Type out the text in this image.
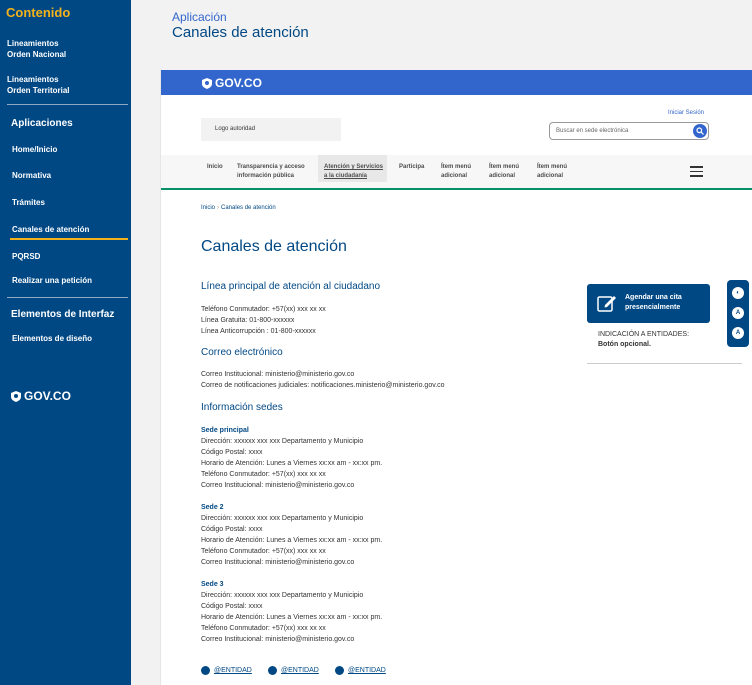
Contenido
Lineamientos
Orden Nacional
Lineamientos
Orden Territorial
Aplicaciones
Home/Inicio
Normativa
Trámites
Canales de atención
PQRSD
Realizar una petición
Elementos de Interfaz
Elementos de diseño
GOV.CO
Aplicación
Canales de atención
GOV.CO
Iniciar Sesión
Logo autoridad	Buscar en sede electrónica
Inicio Transparencia y acceso
información pública
Atención y Servicios
a la ciudadanía
Participa	Ítem menú
adicional
Ítem menú
adicional
Ítem menú
adicional
Inicio › Canales de atención
Canales de atención
Línea principal de atención al ciudadano
Teléfono Conmutador: +57(xx) xxx xx xx
Línea Gratuita: 01-800-xxxxxx
Línea Anticorrupción : 01-800-xxxxxx
Correo electrónico
Correo Institucional: ministerio@ministerio.gov.co
Correo de notificaciones judiciales: notificaciones.ministerio@ministerio.gov.co
Información sedes
Sede principal
Dirección: xxxxxx xxx xxx Departamento y Municipio
Código Postal: xxxx
Horario de Atención: Lunes a Viernes xx:xx am - xx:xx pm.
Teléfono Conmutador: +57(xx) xxx xx xx
Correo Institucional: ministerio@ministerio.gov.co
Sede 2
Dirección: xxxxxx xxx xxx Departamento y Municipio
Código Postal: xxxx
Horario de Atención: Lunes a Viernes xx:xx am - xx:xx pm.
Teléfono Conmutador: +57(xx) xxx xx xx
Correo Institucional: ministerio@ministerio.gov.co
Sede 3
Dirección: xxxxxx xxx xxx Departamento y Municipio
Código Postal: xxxx
Horario de Atención: Lunes a Viernes xx:xx am - xx:xx pm.
Teléfono Conmutador: +57(xx) xxx xx xx
Correo Institucional: ministerio@ministerio.gov.co
Agendar una cita
presencialmente
INDICACIÓN A ENTIDADES:
Botón opcional.
◐
A
A
@ENTIDAD	@ENTIDAD	@ENTIDAD
